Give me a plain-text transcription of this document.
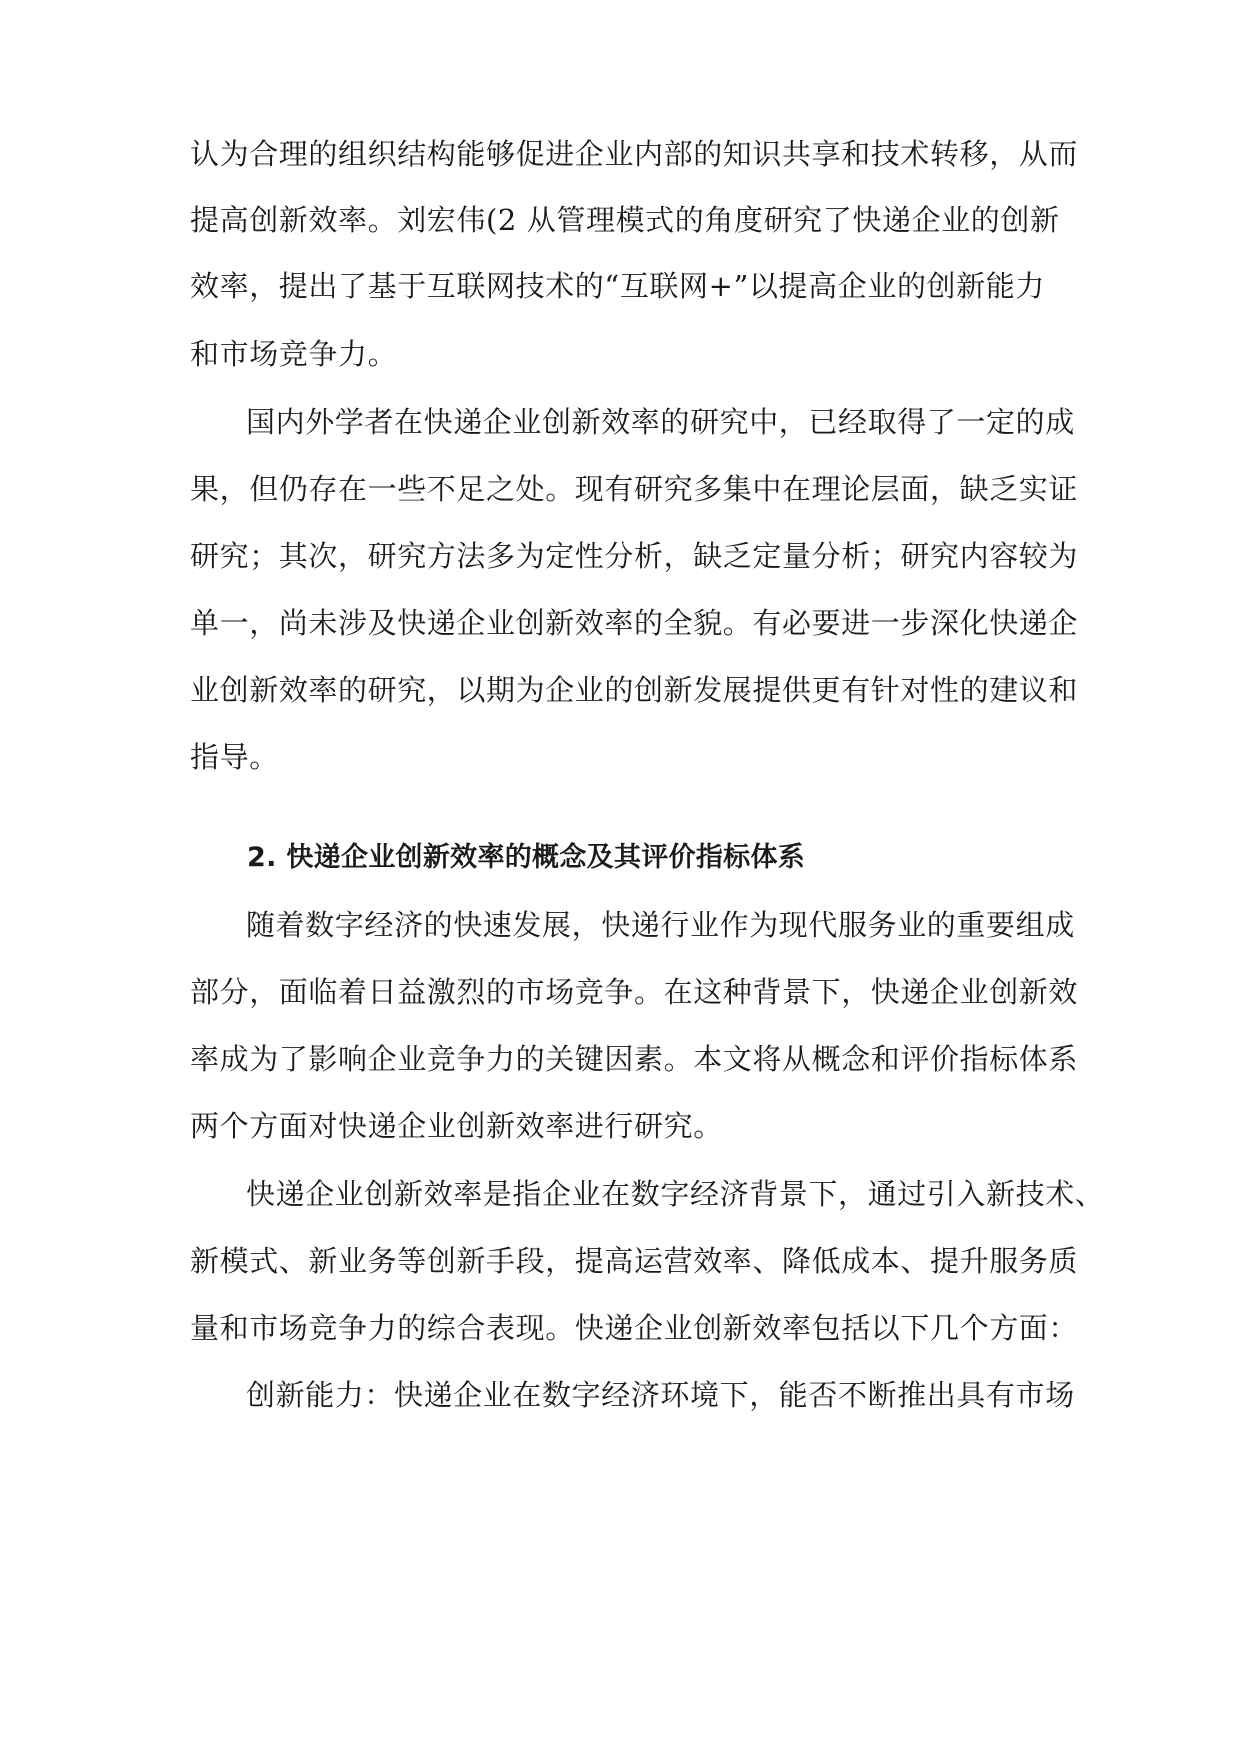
认为合理的组织结构能够促进企业内部的知识共享和技术转移，从而
提高创新效率。刘宏伟(2 从管理模式的角度研究了快递企业的创新
效率，提出了基于互联网技术的“互联网+”以提高企业的创新能力
和市场竞争力。
国内外学者在快递企业创新效率的研究中，已经取得了一定的成
果，但仍存在一些不足之处。现有研究多集中在理论层面，缺乏实证
研究；其次，研究方法多为定性分析，缺乏定量分析；研究内容较为
单一，尚未涉及快递企业创新效率的全貌。有必要进一步深化快递企
业创新效率的研究，以期为企业的创新发展提供更有针对性的建议和
指导。
2. 快递企业创新效率的概念及其评价指标体系
随着数字经济的快速发展，快递行业作为现代服务业的重要组成
部分，面临着日益激烈的市场竞争。在这种背景下，快递企业创新效
率成为了影响企业竞争力的关键因素。本文将从概念和评价指标体系
两个方面对快递企业创新效率进行研究。
快递企业创新效率是指企业在数字经济背景下，通过引入新技术、
新模式、新业务等创新手段，提高运营效率、降低成本、提升服务质
量和市场竞争力的综合表现。快递企业创新效率包括以下几个方面：
创新能力：快递企业在数字经济环境下，能否不断推出具有市场
